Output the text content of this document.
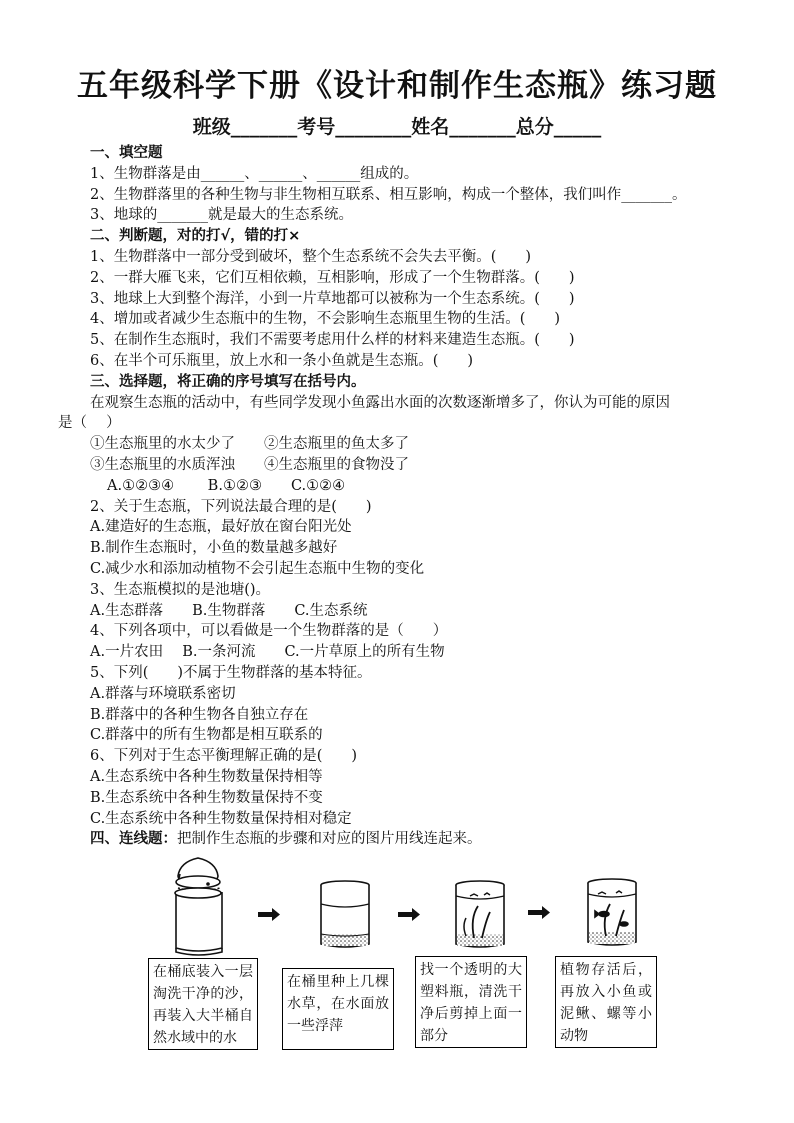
五年级科学下册《设计和制作生态瓶》练习题
班级_______考号________姓名_______总分_____
一、填空题
1、生物群落是由______、______、______组成的。
2、生物群落里的各种生物与非生物相互联系、相互影响，构成一个整体，我们叫作_______。
3、地球的_______就是最大的生态系统。
二、判断题，对的打√，错的打×
1、生物群落中一部分受到破坏，整个生态系统不会失去平衡。(　　)
2、一群大雁飞来，它们互相依赖，互相影响，形成了一个生物群落。(　　)
3、地球上大到整个海洋，小到一片草地都可以被称为一个生态系统。(　　)
4、增加或者减少生态瓶中的生物，不会影响生态瓶里生物的生活。(　　)
5、在制作生态瓶时，我们不需要考虑用什么样的材料来建造生态瓶。(　　)
6、在半个可乐瓶里，放上水和一条小鱼就是生态瓶。(　　)
三、选择题，将正确的序号填写在括号内。
在观察生态瓶的活动中，有些同学发现小鱼露出水面的次数逐渐增多了，你认为可能的原因
是（　 ）
①生态瓶里的水太少了　　②生态瓶里的鱼太多了
③生态瓶里的水质浑浊　　④生态瓶里的食物没了
A.①②③④　　 B.①②③　　C.①②④
2、关于生态瓶，下列说法最合理的是(　　)
A.建造好的生态瓶，最好放在窗台阳光处
B.制作生态瓶时，小鱼的数量越多越好
C.减少水和添加动植物不会引起生态瓶中生物的变化
3、生态瓶模拟的是池塘()。
A.生态群落　　B.生物群落　　C.生态系统
4、下列各项中，可以看做是一个生物群落的是（　　）
A.一片农田　 B.一条河流　　C.一片草原上的所有生物
5、下列(　　)不属于生物群落的基本特征。
A.群落与环境联系密切
B.群落中的各种生物各自独立存在
C.群落中的所有生物都是相互联系的
6、下列对于生态平衡理解正确的是(　　)
A.生态系统中各种生物数量保持相等
B.生态系统中各种生物数量保持不变
C.生态系统中各种生物数量保持相对稳定
四、连线题：把制作生态瓶的步骤和对应的图片用线连起来。
在桶底装入一层淘洗干净的沙，再装入大半桶自然水域中的水
在桶里种上几棵水草，在水面放一些浮萍
找一个透明的大塑料瓶，清洗干净后剪掉上面一部分
植物存活后，再放入小鱼或泥鳅、螺等小动物
